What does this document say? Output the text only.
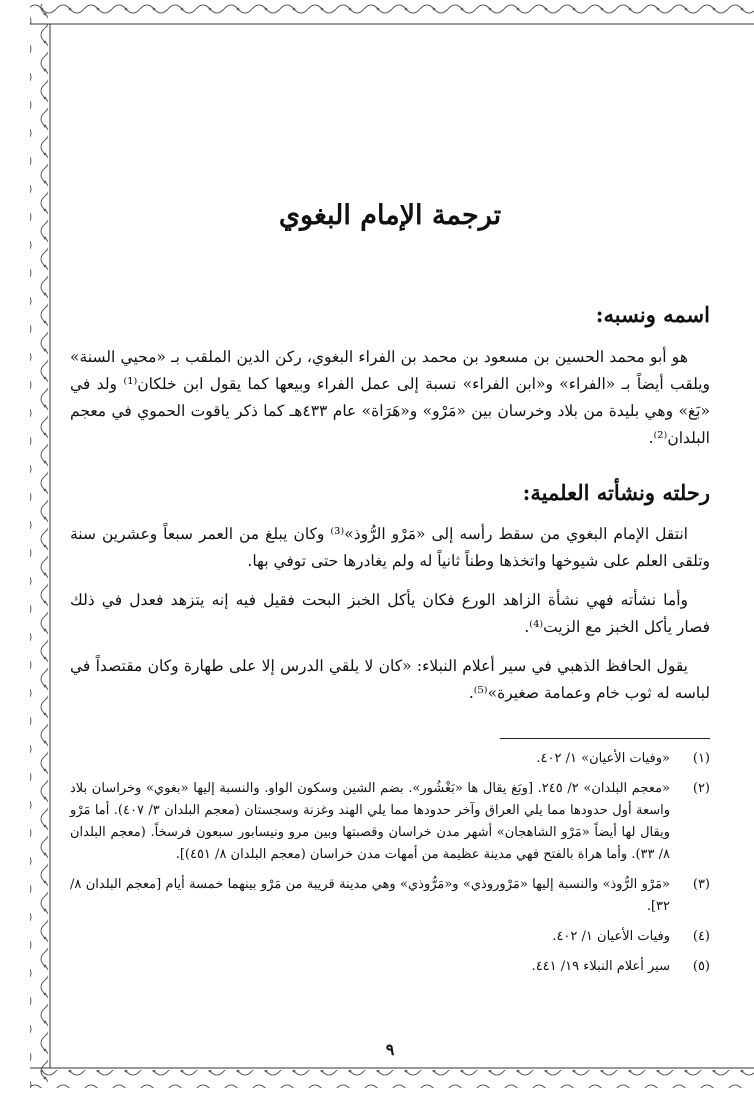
ترجمة الإمام البغوي
اسمه ونسبه:

هو أبو محمد الحسين بن مسعود بن محمد بن الفراء البغوي، ركن الدين الملقب بـ «محيي السنة» ويلقب أيضاً بـ «الفراء» و«ابن الفراء» نسبة إلى عمل الفراء وبيعها كما يقول ابن خلكان⁽¹⁾ ولد في «بَغ» وهي بليدة من بلاد وخرسان بين «مَرْو» و«هَرَاة» عام ٤٣٣هـ كما ذكر ياقوت الحموي في معجم البلدان⁽²⁾.

رحلته ونشأته العلمية:

انتقل الإمام البغوي من سقط رأسه إلى «مَرْو الرُّوذ»⁽³⁾ وكان يبلغ من العمر سبعاً وعشرين سنة وتلقى العلم على شيوخها واتخذها وطناً ثانياً له ولم يغادرها حتى توفي بها.

وأما نشأته فهي نشأة الزاهد الورع فكان يأكل الخبز البحت فقيل فيه إنه يتزهد فعدل في ذلك فصار يأكل الخبز مع الزيت⁽⁴⁾.

يقول الحافظ الذهبي في سير أعلام النبلاء: «كان لا يلقي الدرس إلا على طهارة وكان مقتصداً في لباسه له ثوب خام وعمامة صغيرة»⁽⁵⁾.

(١)
«وفيات الأعيان» ١/ ٤٠٢.
(٢)
«معجم البلدان» ٢/ ٢٤٥. [وبَغ يقال ها «بَغْشُور». بضم الشين وسكون الواو. والنسبة إليها «بغوي» وخراسان بلاد واسعة أول حدودها مما يلي العراق وآخر حدودها مما يلي الهند وغزنة وسجستان (معجم البلدان ٣/ ٤٠٧). أما مَرْو ويقال لها أيضاً «مَرْو الشاهجان» أشهر مدن خراسان وقصبتها وبين مرو ونيسابور سبعون فرسخاً. (معجم البلدان ٨/ ٣٣). وأما هراة بالفتح فهي مدينة عظيمة من أمهات مدن خراسان (معجم البلدان ٨/ ٤٥١)].
(٣)
«مَرْو الرُّوذ» والنسبة إليها «مَرْوروذي» و«مَرُّوذي» وهي مدينة قريبة من مَرْو بينهما خمسة أيام [معجم البلدان ٨/ ٣٢].
(٤)
وفيات الأعيان ١/ ٤٠٢.
(٥)
سير أعلام النبلاء ١٩/ ٤٤١.
٩
